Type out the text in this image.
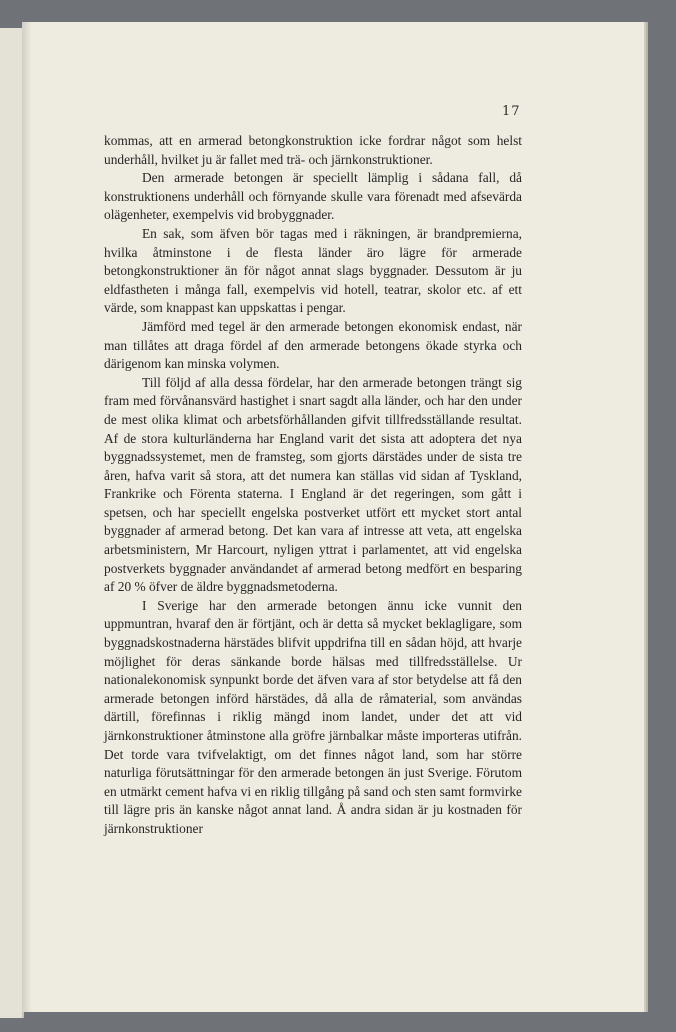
17

kommas, att en armerad betongkonstruktion icke fordrar något som helst underhåll, hvilket ju är fallet med trä- och järnkonstruktioner.

Den armerade betongen är speciellt lämplig i sådana fall, då konstruktionens underhåll och förnyande skulle vara förenadt med afsevärda olägenheter, exempelvis vid brobyggnader.

En sak, som äfven bör tagas med i räkningen, är brandpremierna, hvilka åtminstone i de flesta länder äro lägre för armerade betongkonstruktioner än för något annat slags byggnader. Dessutom är ju eldfastheten i många fall, exempelvis vid hotell, teatrar, skolor etc. af ett värde, som knappast kan uppskattas i pengar.

Jämförd med tegel är den armerade betongen ekonomisk endast, när man tillåtes att draga fördel af den armerade betongens ökade styrka och därigenom kan minska volymen.

Till följd af alla dessa fördelar, har den armerade betongen trängt sig fram med förvånansvärd hastighet i snart sagdt alla länder, och har den under de mest olika klimat och arbetsförhållanden gifvit tillfredsställande resultat. Af de stora kulturländerna har England varit det sista att adoptera det nya byggnadssystemet, men de framsteg, som gjorts därstädes under de sista tre åren, hafva varit så stora, att det numera kan ställas vid sidan af Tyskland, Frankrike och Förenta staterna. I England är det regeringen, som gått i spetsen, och har speciellt engelska postverket utfört ett mycket stort antal byggnader af armerad betong. Det kan vara af intresse att veta, att engelska arbetsministern, Mr Harcourt, nyligen yttrat i parlamentet, att vid engelska postverkets byggnader användandet af armerad betong medfört en besparing af 20 % öfver de äldre byggnadsmetoderna.

I Sverige har den armerade betongen ännu icke vunnit den uppmuntran, hvaraf den är förtjänt, och är detta så mycket beklagligare, som byggnadskostnaderna härstädes blifvit uppdrifna till en sådan höjd, att hvarje möjlighet för deras sänkande borde hälsas med tillfredsställelse. Ur nationalekonomisk synpunkt borde det äfven vara af stor betydelse att få den armerade betongen införd härstädes, då alla de råmaterial, som användas därtill, förefinnas i riklig mängd inom landet, under det att vid järnkonstruktioner åtminstone alla gröfre järnbalkar måste importeras utifrån. Det torde vara tvifvelaktigt, om det finnes något land, som har större naturliga förutsättningar för den armerade betongen än just Sverige. Förutom en utmärkt cement hafva vi en riklig tillgång på sand och sten samt formvirke till lägre pris än kanske något annat land. Å andra sidan är ju kostnaden för järnkonstruktioner
